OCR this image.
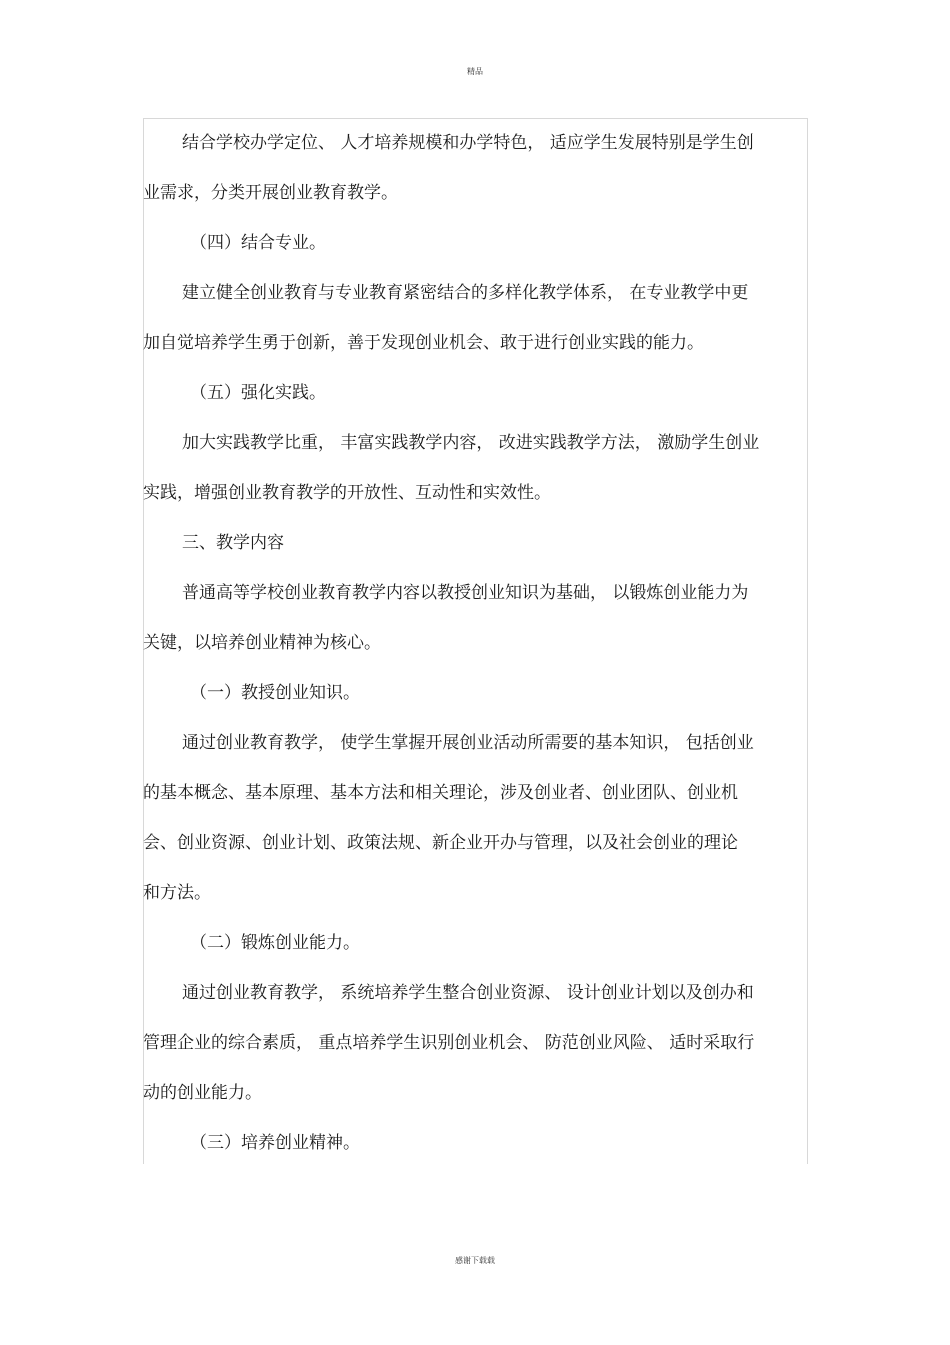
精品
结合学校办学定位、 人才培养规模和办学特色， 适应学生发展特别是学生创
业需求，分类开展创业教育教学。
（四）结合专业。
建立健全创业教育与专业教育紧密结合的多样化教学体系， 在专业教学中更
加自觉培养学生勇于创新，善于发现创业机会、敢于进行创业实践的能力。
（五）强化实践。
加大实践教学比重， 丰富实践教学内容， 改进实践教学方法， 激励学生创业
实践，增强创业教育教学的开放性、互动性和实效性。
三、教学内容
普通高等学校创业教育教学内容以教授创业知识为基础， 以锻炼创业能力为
关键，以培养创业精神为核心。
（一）教授创业知识。
通过创业教育教学， 使学生掌握开展创业活动所需要的基本知识， 包括创业
的基本概念、基本原理、基本方法和相关理论，涉及创业者、创业团队、创业机
会、创业资源、创业计划、政策法规、新企业开办与管理，以及社会创业的理论
和方法。
（二）锻炼创业能力。
通过创业教育教学， 系统培养学生整合创业资源、 设计创业计划以及创办和
管理企业的综合素质， 重点培养学生识别创业机会、 防范创业风险、 适时采取行
动的创业能力。
（三）培养创业精神。
感谢下载载
